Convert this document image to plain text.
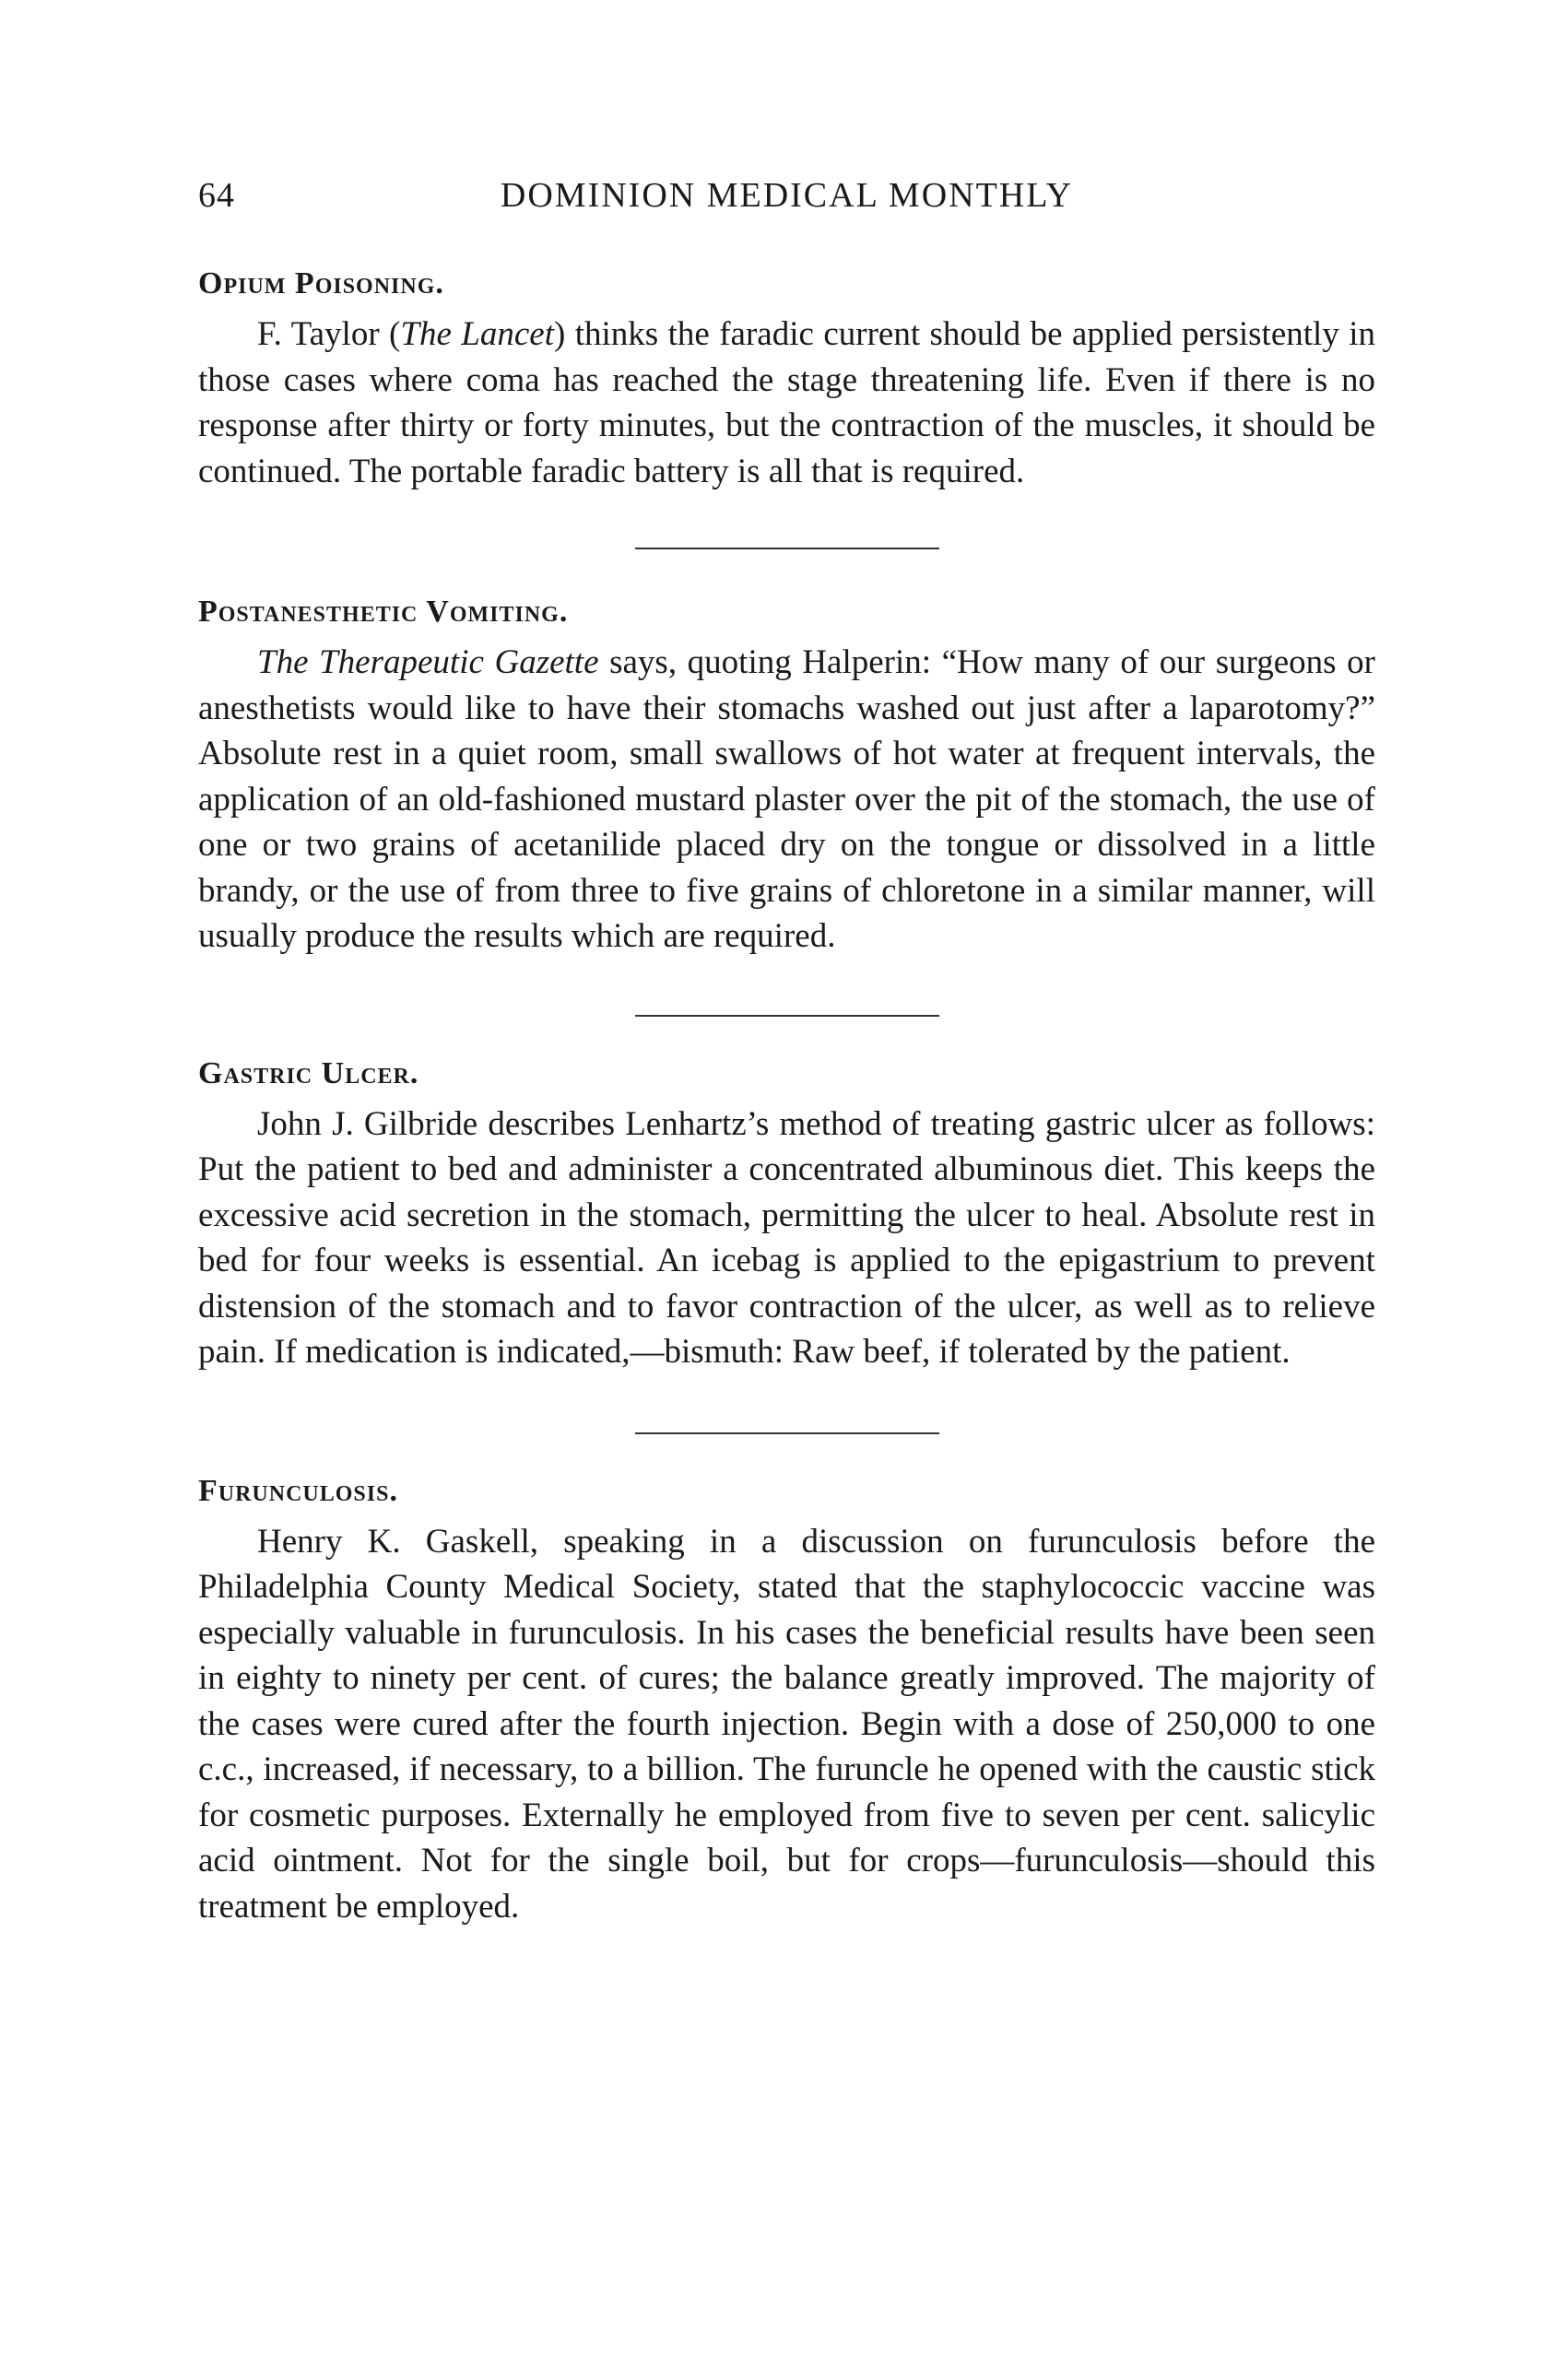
64	DOMINION MEDICAL MONTHLY
Opium Poisoning.

F. Taylor (The Lancet) thinks the faradic current should be applied persistently in those cases where coma has reached the stage threatening life. Even if there is no response after thirty or forty minutes, but the contraction of the muscles, it should be continued. The portable faradic battery is all that is required.

Postanesthetic Vomiting.

The Therapeutic Gazette says, quoting Halperin: “How many of our surgeons or anesthetists would like to have their stomachs washed out just after a laparotomy?” Absolute rest in a quiet room, small swallows of hot water at frequent intervals, the application of an old-fashioned mustard plaster over the pit of the stomach, the use of one or two grains of acetanilide placed dry on the tongue or dissolved in a little brandy, or the use of from three to five grains of chloretone in a similar manner, will usually produce the results which are required.

Gastric Ulcer.

John J. Gilbride describes Lenhartz’s method of treating gastric ulcer as follows: Put the patient to bed and administer a concentrated albuminous diet. This keeps the excessive acid secretion in the stomach, permitting the ulcer to heal. Absolute rest in bed for four weeks is essential. An icebag is applied to the epigastrium to prevent distension of the stomach and to favor contraction of the ulcer, as well as to relieve pain. If medication is indicated,—bismuth: Raw beef, if tolerated by the patient.

Furunculosis.

Henry K. Gaskell, speaking in a discussion on furunculosis before the Philadelphia County Medical Society, stated that the staphylococcic vaccine was especially valuable in furunculosis. In his cases the beneficial results have been seen in eighty to ninety per cent. of cures; the balance greatly improved. The majority of the cases were cured after the fourth injection. Begin with a dose of 250,000 to one c.c., increased, if necessary, to a billion. The furuncle he opened with the caustic stick for cosmetic purposes. Externally he employed from five to seven per cent. salicylic acid ointment. Not for the single boil, but for crops—furunculosis—should this treatment be employed.
